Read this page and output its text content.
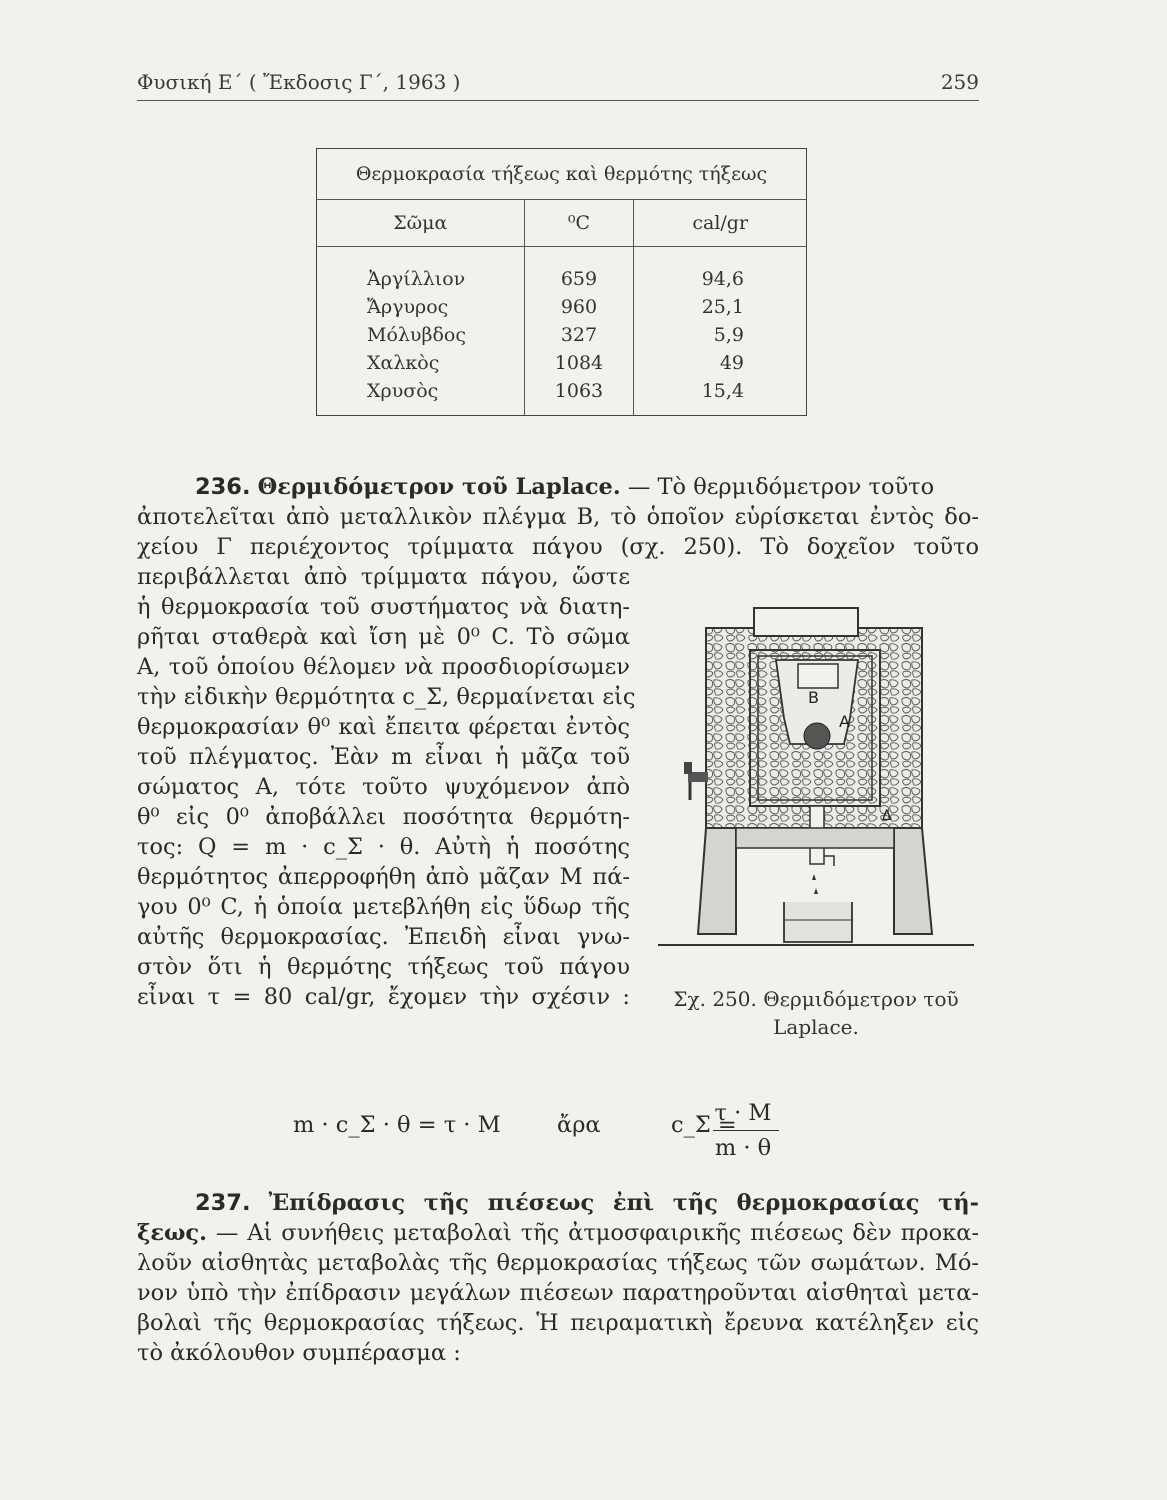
Φυσική Ε΄ ( Ἔκδοσις Γ΄, 1963 )	259
Θερμοκρασία τήξεως καὶ θερμότης τήξεως		
Σῶμα	⁰C	cal/gr
Ἀργίλλιον	659	94,6
Ἄργυρος	960	25,1
Μόλυβδος	327	5,9
Χαλκὸς	1084	49
Χρυσὸς	1063	15,4
236. Θερμιδόμετρον τοῦ Laplace. — Τὸ θερμιδόμετρον τοῦτο
ἀποτελεῖται ἀπὸ μεταλλικὸν πλέγμα Β, τὸ ὁποῖον εὑρίσκεται ἐντὸς δο-
χείου Γ περιέχοντος τρίμματα πάγου (σχ. 250). Τὸ δοχεῖον τοῦτο
περιβάλλεται ἀπὸ τρίμματα πάγου, ὥστε
ἡ θερμοκρασία τοῦ συστήματος νὰ διατη-
ρῆται σταθερὰ καὶ ἴση μὲ 0⁰ C. Τὸ σῶμα
Α, τοῦ ὁποίου θέλομεν νὰ προσδιορίσωμεν
τὴν εἰδικὴν θερμότητα c_Σ, θερμαίνεται εἰς
θερμοκρασίαν θ⁰ καὶ ἔπειτα φέρεται ἐντὸς
τοῦ πλέγματος. Ἐὰν m εἶναι ἡ μᾶζα τοῦ
σώματος Α, τότε τοῦτο ψυχόμενον ἀπὸ
θ⁰ εἰς 0⁰ ἀποβάλλει ποσότητα θερμότη-
τος: Q = m · c_Σ · θ. Αὐτὴ ἡ ποσότης
θερμότητος ἀπερροφήθη ἀπὸ μᾶζαν Μ πά-
γου 0⁰ C, ἡ ὁποία μετεβλήθη εἰς ὕδωρ τῆς
αὐτῆς θερμοκρασίας. Ἐπειδὴ εἶναι γνω-
στὸν ὅτι ἡ θερμότης τήξεως τοῦ πάγου
εἶναι τ = 80 cal/gr, ἔχομεν τὴν σχέσιν :
m · c_Σ · θ = τ · M	ἄρα	c_Σ =
τ · M
m · θ
Β
Α
Δ
Σχ. 250. Θερμιδόμετρον τοῦ
Laplace.
237. Ἐπίδρασις τῆς πιέσεως ἐπὶ τῆς θερμοκρασίας τή-
ξεως. — Αἱ συνήθεις μεταβολαὶ τῆς ἀτμοσφαιρικῆς πιέσεως δὲν προκα-
λοῦν αἰσθητὰς μεταβολὰς τῆς θερμοκρασίας τήξεως τῶν σωμάτων. Μό-
νον ὑπὸ τὴν ἐπίδρασιν μεγάλων πιέσεων παρατηροῦνται αἰσθηταὶ μετα-
βολαὶ τῆς θερμοκρασίας τήξεως. Ἡ πειραματικὴ ἔρευνα κατέληξεν εἰς
τὸ ἀκόλουθον συμπέρασμα :
